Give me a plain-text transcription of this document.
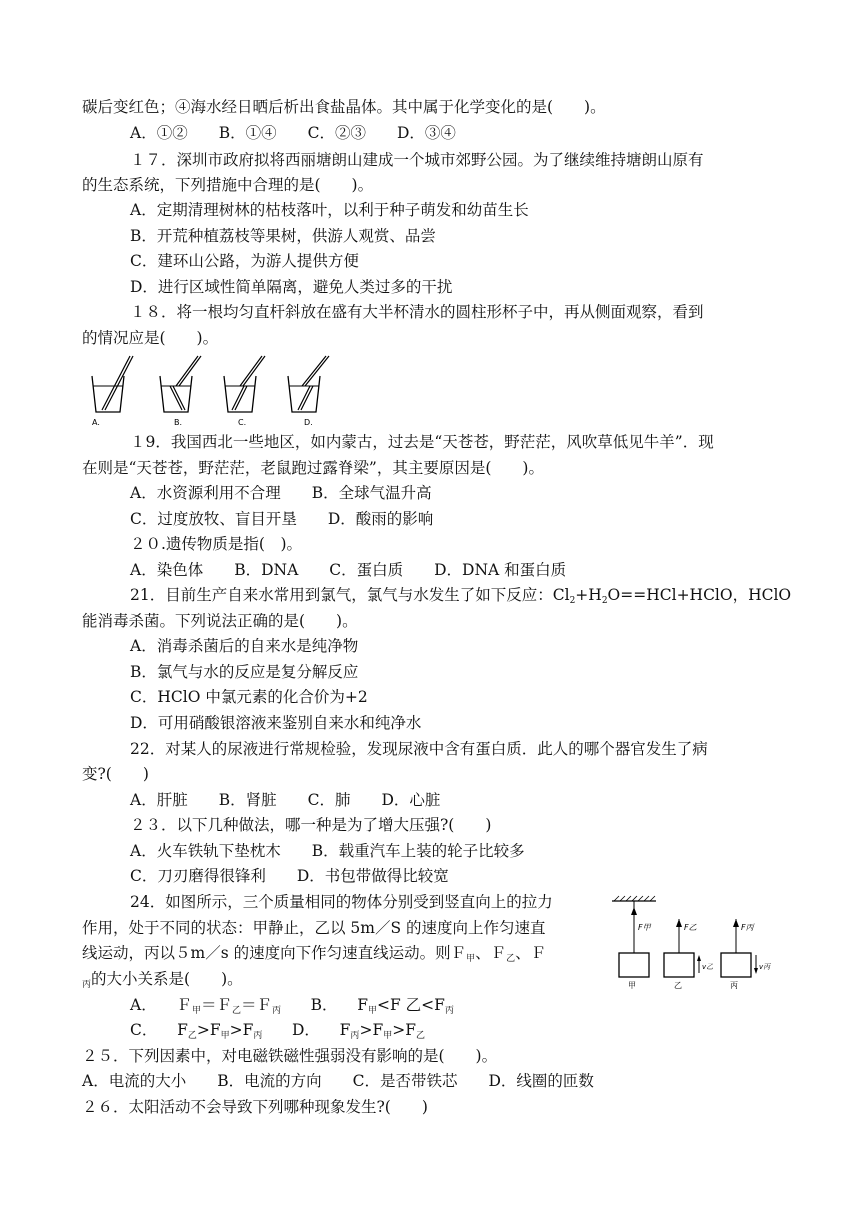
碳后变红色；④海水经日晒后析出食盐晶体。其中属于化学变化的是(　　)。
A．①②　　B．①④　　C．②③　　D．③④
１７．深圳市政府拟将西丽塘朗山建成一个城市郊野公园。为了继续维持塘朗山原有
的生态系统，下列措施中合理的是(　　)。
A．定期清理树林的枯枝落叶，以利于种子萌发和幼苗生长
B．开荒种植荔枝等果树，供游人观赏、品尝
C．建环山公路，为游人提供方便
D．进行区域性简单隔离，避免人类过多的干扰
１８．将一根均匀直杆斜放在盛有大半杯清水的圆柱形杯子中，再从侧面观察，看到
的情况应是(　　)。
A.	B.	C.	D.
１9．我国西北一些地区，如内蒙古，过去是“天苍苍，野茫茫，风吹草低见牛羊”．现
在则是“天苍苍，野茫茫，老鼠跑过露脊梁”，其主要原因是(　　)。
A．水资源利用不合理　　B．全球气温升高
C．过度放牧、盲目开垦　　D．酸雨的影响
２０.遗传物质是指(　)。
A．染色体　　B．DNA　　C．蛋白质　　D．DNA 和蛋白质
21．目前生产自来水常用到氯气，氯气与水发生了如下反应：$Cl_2+H_2O==HCl+HClO$，HClO
能消毒杀菌。下列说法正确的是(　　)。
A．消毒杀菌后的自来水是纯净物
B．氯气与水的反应是复分解反应
C．HClO 中氯元素的化合价为+2
D．可用硝酸银溶液来鉴别自来水和纯净水
22．对某人的尿液进行常规检验，发现尿液中含有蛋白质．此人的哪个器官发生了病
变?(　　)
A．肝脏　　B．肾脏　　C．肺　　D．心脏
２３．以下几种做法，哪一种是为了增大压强?(　　)
A．火车铁轨下垫枕木　　B．载重汽车上装的轮子比较多
C．刀刃磨得很锋利　　D．书包带做得比较宽
24．如图所示，三个质量相同的物体分别受到竖直向上的拉力
作用，处于不同的状态：甲静止，乙以 5m／S 的速度向上作匀速直
线运动，丙以５m／s 的速度向下作匀速直线运动。则Ｆ$_甲$、Ｆ$_乙$、Ｆ
$_丙$的大小关系是(　　)。
A． Ｆ$_甲$＝Ｆ$_乙$＝Ｆ$_丙$ B． $F_甲<F$ 乙$<F_丙$
C． $F_乙>F_甲>F_丙$ D． $F_丙>F_甲>F_乙$
F甲
甲
F乙
v乙
乙
F丙
v丙
丙
２５．下列因素中，对电磁铁磁性强弱没有影响的是(　　)。
A．电流的大小　　B．电流的方向　　C．是否带铁芯　　D．线圈的匝数
２６．太阳活动不会导致下列哪种现象发生?(　　)
